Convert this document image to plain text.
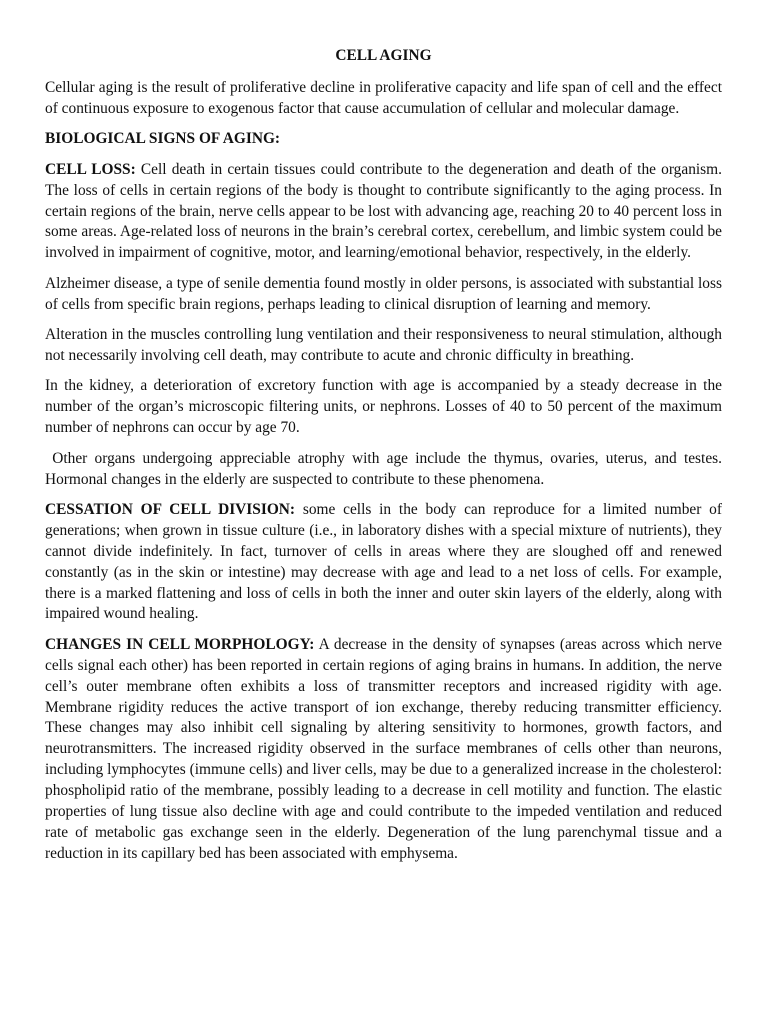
CELL AGING

Cellular aging is the result of proliferative decline in proliferative capacity and life span of cell and the effect of continuous exposure to exogenous factor that cause accumulation of cellular and molecular damage.

BIOLOGICAL SIGNS OF AGING:

CELL LOSS: Cell death in certain tissues could contribute to the degeneration and death of the organism. The loss of cells in certain regions of the body is thought to contribute significantly to the aging process. In certain regions of the brain, nerve cells appear to be lost with advancing age, reaching 20 to 40 percent loss in some areas. Age-related loss of neurons in the brain’s cerebral cortex, cerebellum, and limbic system could be involved in impairment of cognitive, motor, and learning/emotional behavior, respectively, in the elderly.

Alzheimer disease, a type of senile dementia found mostly in older persons, is associated with substantial loss of cells from specific brain regions, perhaps leading to clinical disruption of learning and memory.

Alteration in the muscles controlling lung ventilation and their responsiveness to neural stimulation, although not necessarily involving cell death, may contribute to acute and chronic difficulty in breathing.

In the kidney, a deterioration of excretory function with age is accompanied by a steady decrease in the number of the organ’s microscopic filtering units, or nephrons. Losses of 40 to 50 percent of the maximum number of nephrons can occur by age 70.

Other organs undergoing appreciable atrophy with age include the thymus, ovaries, uterus, and testes. Hormonal changes in the elderly are suspected to contribute to these phenomena.

CESSATION OF CELL DIVISION: some cells in the body can reproduce for a limited number of generations; when grown in tissue culture (i.e., in laboratory dishes with a special mixture of nutrients), they cannot divide indefinitely. In fact, turnover of cells in areas where they are sloughed off and renewed constantly (as in the skin or intestine) may decrease with age and lead to a net loss of cells. For example, there is a marked flattening and loss of cells in both the inner and outer skin layers of the elderly, along with impaired wound healing.

CHANGES IN CELL MORPHOLOGY: A decrease in the density of synapses (areas across which nerve cells signal each other) has been reported in certain regions of aging brains in humans. In addition, the nerve cell’s outer membrane often exhibits a loss of transmitter receptors and increased rigidity with age. Membrane rigidity reduces the active transport of ion exchange, thereby reducing transmitter efficiency. These changes may also inhibit cell signaling by altering sensitivity to hormones, growth factors, and neurotransmitters. The increased rigidity observed in the surface membranes of cells other than neurons, including lymphocytes (immune cells) and liver cells, may be due to a generalized increase in the cholesterol: phospholipid ratio of the membrane, possibly leading to a decrease in cell motility and function. The elastic properties of lung tissue also decline with age and could contribute to the impeded ventilation and reduced rate of metabolic gas exchange seen in the elderly. Degeneration of the lung parenchymal tissue and a reduction in its capillary bed has been associated with emphysema.
